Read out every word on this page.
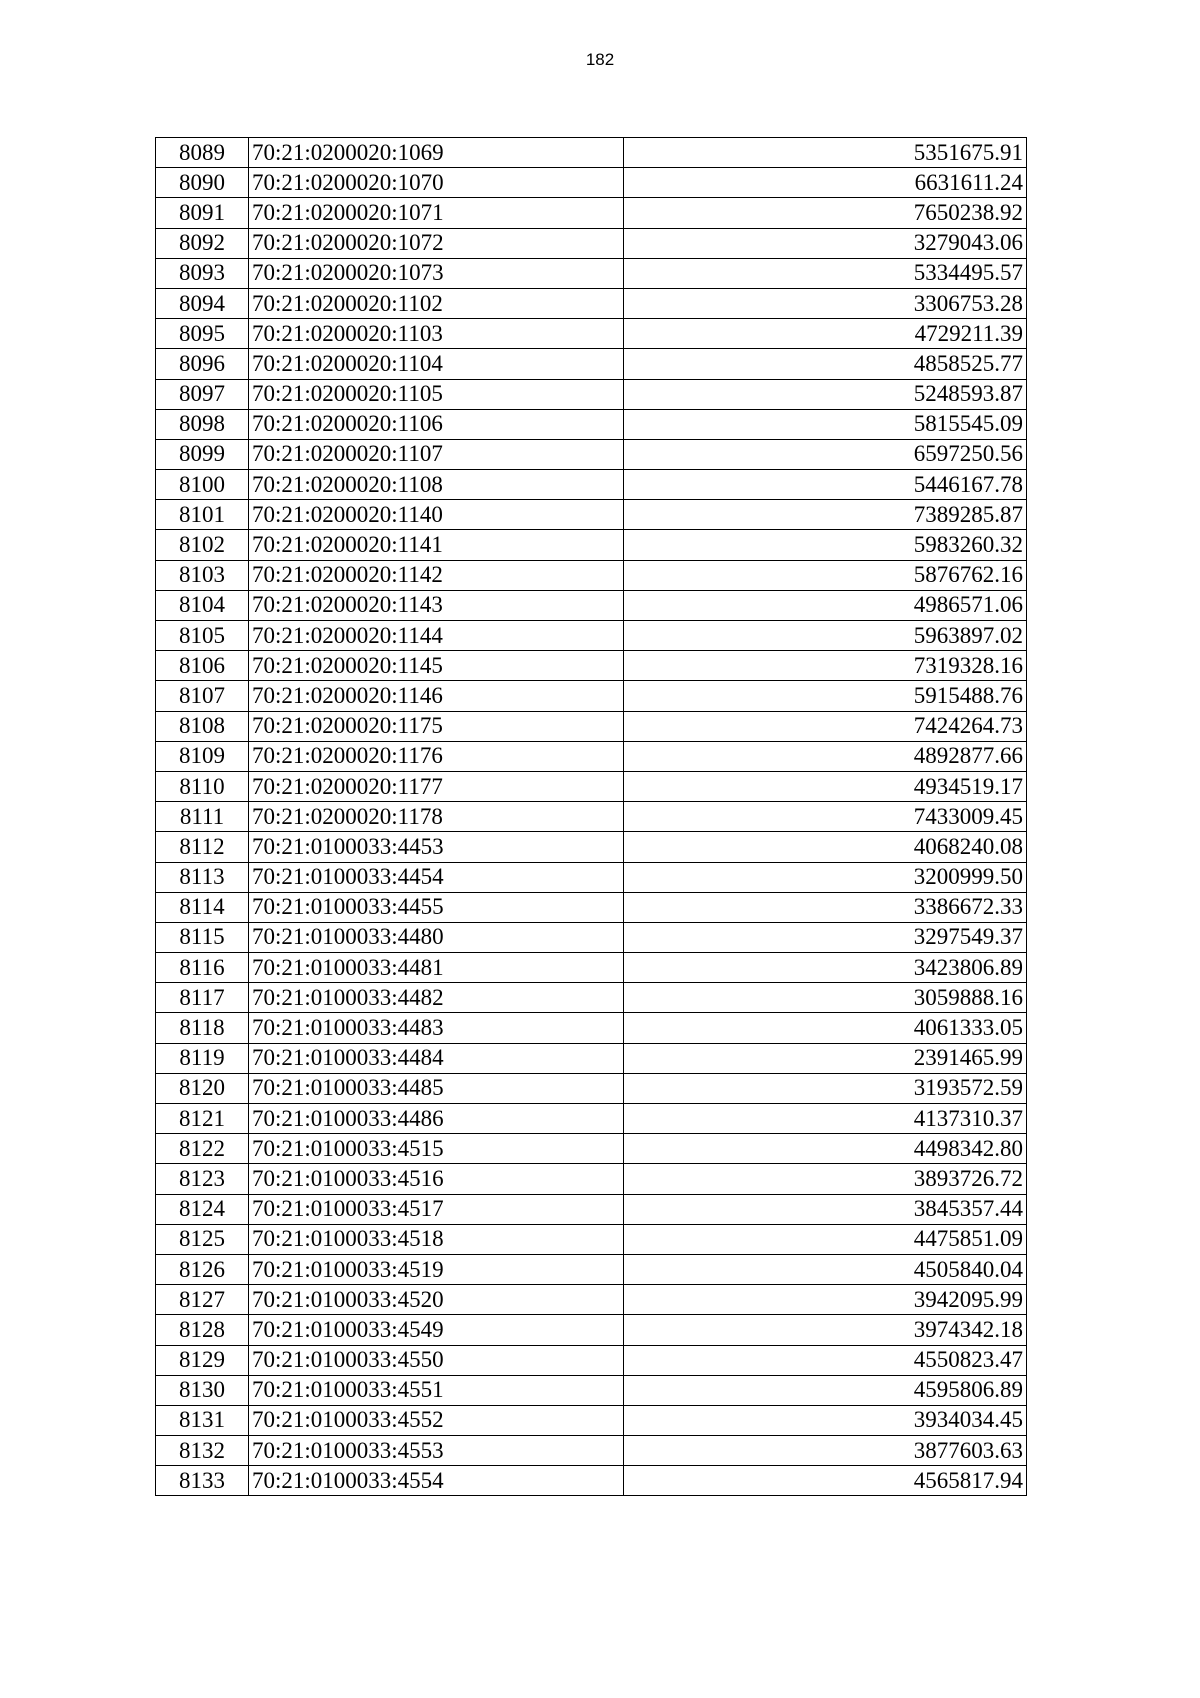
182
8089	70:21:0200020:1069	5351675.91
8090	70:21:0200020:1070	6631611.24
8091	70:21:0200020:1071	7650238.92
8092	70:21:0200020:1072	3279043.06
8093	70:21:0200020:1073	5334495.57
8094	70:21:0200020:1102	3306753.28
8095	70:21:0200020:1103	4729211.39
8096	70:21:0200020:1104	4858525.77
8097	70:21:0200020:1105	5248593.87
8098	70:21:0200020:1106	5815545.09
8099	70:21:0200020:1107	6597250.56
8100	70:21:0200020:1108	5446167.78
8101	70:21:0200020:1140	7389285.87
8102	70:21:0200020:1141	5983260.32
8103	70:21:0200020:1142	5876762.16
8104	70:21:0200020:1143	4986571.06
8105	70:21:0200020:1144	5963897.02
8106	70:21:0200020:1145	7319328.16
8107	70:21:0200020:1146	5915488.76
8108	70:21:0200020:1175	7424264.73
8109	70:21:0200020:1176	4892877.66
8110	70:21:0200020:1177	4934519.17
8111	70:21:0200020:1178	7433009.45
8112	70:21:0100033:4453	4068240.08
8113	70:21:0100033:4454	3200999.50
8114	70:21:0100033:4455	3386672.33
8115	70:21:0100033:4480	3297549.37
8116	70:21:0100033:4481	3423806.89
8117	70:21:0100033:4482	3059888.16
8118	70:21:0100033:4483	4061333.05
8119	70:21:0100033:4484	2391465.99
8120	70:21:0100033:4485	3193572.59
8121	70:21:0100033:4486	4137310.37
8122	70:21:0100033:4515	4498342.80
8123	70:21:0100033:4516	3893726.72
8124	70:21:0100033:4517	3845357.44
8125	70:21:0100033:4518	4475851.09
8126	70:21:0100033:4519	4505840.04
8127	70:21:0100033:4520	3942095.99
8128	70:21:0100033:4549	3974342.18
8129	70:21:0100033:4550	4550823.47
8130	70:21:0100033:4551	4595806.89
8131	70:21:0100033:4552	3934034.45
8132	70:21:0100033:4553	3877603.63
8133	70:21:0100033:4554	4565817.94
